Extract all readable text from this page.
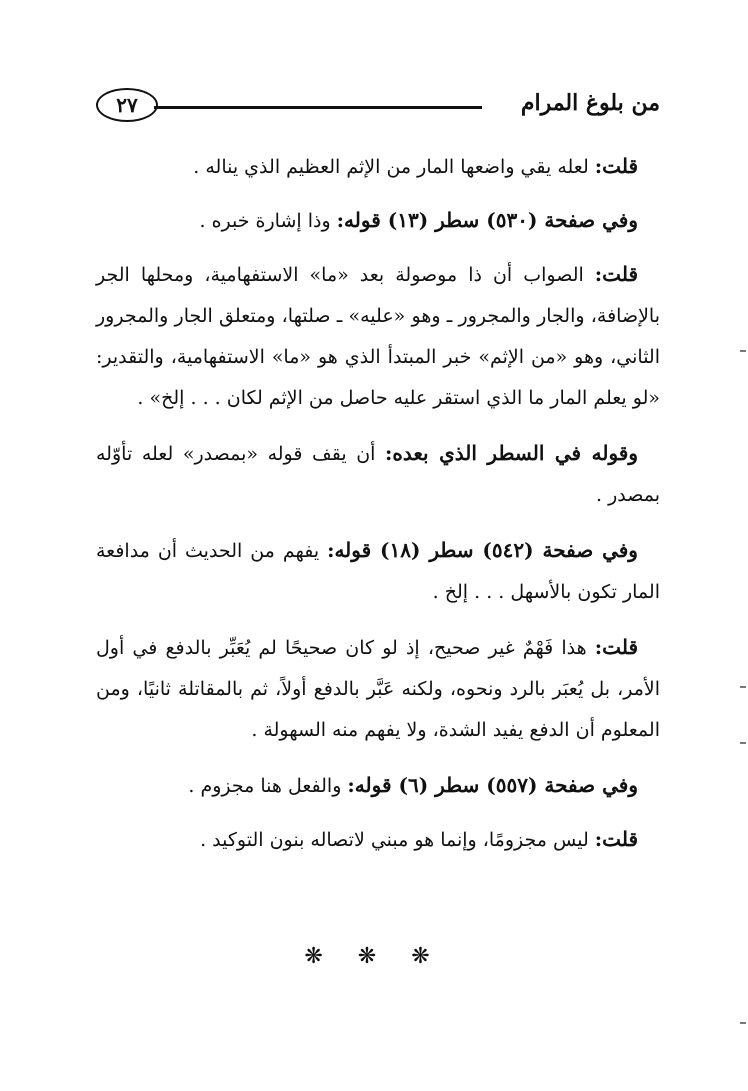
من بلوغ المرام
٢٧

قلت: لعله يقي واضعها المار من الإثم العظيم الذي يناله .

وفي صفحة (٥٣٠) سطر (١٣) قوله: وذا إشارة خبره .

قلت: الصواب أن ذا موصولة بعد «ما» الاستفهامية، ومحلها الجر بالإضافة، والجار والمجرور ـ وهو «عليه» ـ صلتها، ومتعلق الجار والمجرور الثاني، وهو «من الإثم» خبر المبتدأ الذي هو «ما» الاستفهامية، والتقدير: «لو يعلم المار ما الذي استقر عليه حاصل من الإثم لكان . . . إلخ» .

وقوله في السطر الذي بعده: أن يقف قوله «بمصدر» لعله تأوّله بمصدر .

وفي صفحة (٥٤٢) سطر (١٨) قوله: يفهم من الحديث أن مدافعة المار تكون بالأسهل . . . إلخ .

قلت: هذا فَهْمٌ غير صحيح، إذ لو كان صحيحًا لم يُعَبِّر بالدفع في أول الأمر، بل يُعبَر بالرد ونحوه، ولكنه عَبَّر بالدفع أولاً، ثم بالمقاتلة ثانيًا، ومن المعلوم أن الدفع يفيد الشدة، ولا يفهم منه السهولة .

وفي صفحة (٥٥٧) سطر (٦) قوله: والفعل هنا مجزوم .

قلت: ليس مجزومًا، وإنما هو مبني لاتصاله بنون التوكيد .

❋ ❋ ❋
